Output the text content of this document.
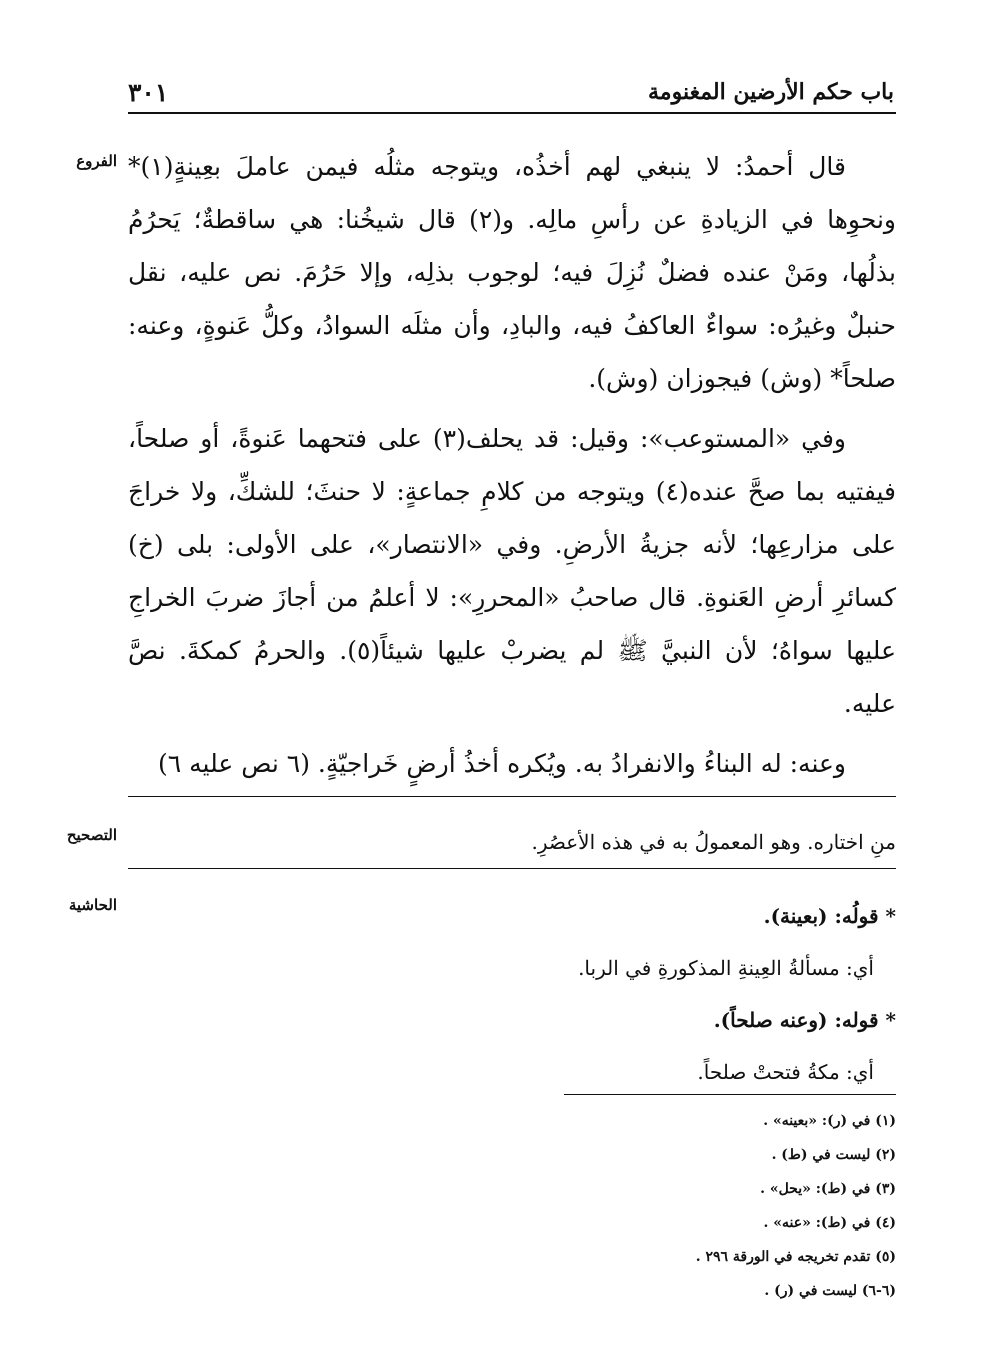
باب حكم الأرضين المغنومة
٣٠١
الفروع
التصحيح
الحاشية

قال أحمدُ: لا ينبغي لهم أخذُه، ويتوجه مثلُه فيمن عاملَ بعِينةٍ(١)* ونحوِها في الزيادةِ عن رأسِ مالِه. و(٢) قال شيخُنا: هي ساقطةٌ؛ يَحرُمُ بذلُها، ومَنْ عنده فضلٌ نُزِلَ فيه؛ لوجوب بذلِه، وإلا حَرُمَ. نص عليه، نقل حنبلٌ وغيرُه: سواءٌ العاكفُ فيه، والبادِ، وأن مثلَه السوادُ، وكلُّ عَنوةٍ، وعنه: صلحاً* (وش) فيجوزان (وش).

وفي «المستوعب»: وقيل: قد يحلف(٣) على فتحهما عَنوةً، أو صلحاً، فيفتيه بما صحَّ عنده(٤) ويتوجه من كلامِ جماعةٍ: لا حنثَ؛ للشكِّ، ولا خراجَ على مزارعِها؛ لأنه جزيةُ الأرضِ. وفي «الانتصار»، على الأولى: بلى (خ) كسائرِ أرضِ العَنوةِ. قال صاحبُ «المحررِ»: لا أعلمُ من أجازَ ضربَ الخراجِ عليها سواهُ؛ لأن النبيَّ ﷺ لم يضربْ عليها شيئاً(٥). والحرمُ كمكةَ. نصَّ عليه.

وعنه: له البناءُ والانفرادُ به. ويُكره أخذُ أرضٍ خَراجيّةٍ. (٦ نص عليه ٦)

منِ اختاره. وهو المعمولُ به في هذه الأعصُرِ.

* قولُه: (بعينة).

أي: مسألةُ العِينةِ المذكورةِ في الربا.

* قوله: (وعنه صلحاً).

أي: مكةُ فتحتْ صلحاً.

(١) في (ر): «بعينه» .
(٢) ليست في (ط) .
(٣) في (ط): «يحل» .
(٤) في (ط): «عنه» .
(٥) تقدم تخريجه في الورقة ٢٩٦ .
(٦-٦) ليست في (ر) .
